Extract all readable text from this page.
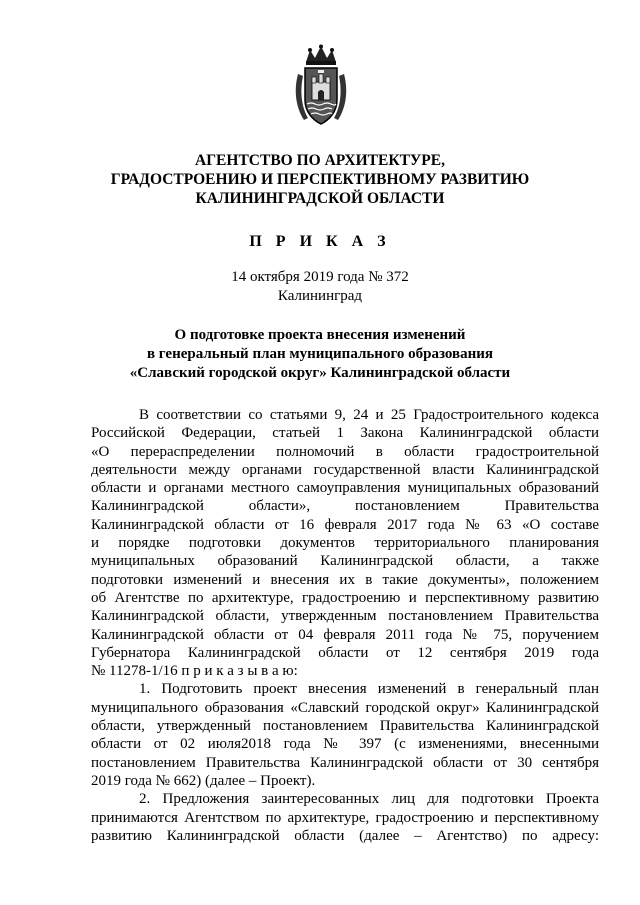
АГЕНТСТВО ПО АРХИТЕКТУРЕ,
ГРАДОСТРОЕНИЮ И ПЕРСПЕКТИВНОМУ РАЗВИТИЮ
КАЛИНИНГРАДСКОЙ ОБЛАСТИ
П Р И К А З
14 октября 2019 года № 372
Калининград
О подготовке проекта внесения изменений
в генеральный план муниципального образования
«Славский городской округ» Калининградской области
В соответствии со статьями 9, 24 и 25 Градостроительного кодекса
Российской Федерации, статьей 1 Закона Калининградской области
«О перераспределении полномочий в области градостроительной
деятельности между органами государственной власти Калининградской
области и органами местного самоуправления муниципальных образований
Калининградской области», постановлением Правительства
Калининградской области от 16 февраля 2017 года № 63 «О составе
и порядке подготовки документов территориального планирования
муниципальных образований Калининградской области, а также
подготовки изменений и внесения их в такие документы», положением
об Агентстве по архитектуре, градостроению и перспективному развитию
Калининградской области, утвержденным постановлением Правительства
Калининградской области от 04 февраля 2011 года № 75, поручением
Губернатора Калининградской области от 12 сентября 2019 года
№ 11278-1/16 п р и к а з ы в а ю:
1. Подготовить проект внесения изменений в генеральный план
муниципального образования «Славский городской округ» Калининградской
области, утвержденный постановлением Правительства Калининградской
области от 02 июля2018 года № 397 (с изменениями, внесенными
постановлением Правительства Калининградской области от 30 сентября
2019 года № 662) (далее – Проект).
2. Предложения заинтересованных лиц для подготовки Проекта
принимаются Агентством по архитектуре, градостроению и перспективному
развитию Калининградской области (далее – Агентство) по адресу:
